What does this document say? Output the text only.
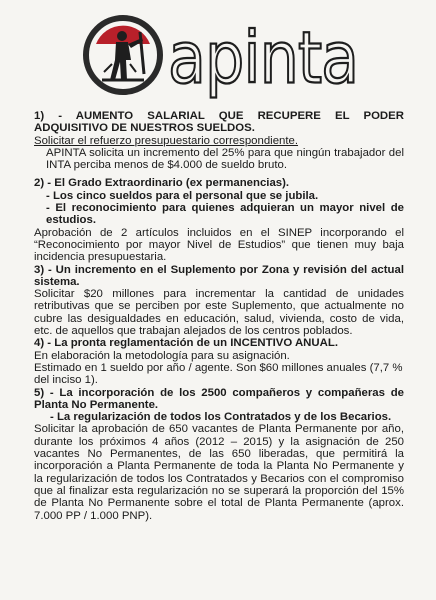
apinta

1) - AUMENTO SALARIAL QUE RECUPERE EL PODER ADQUISITIVO DE NUESTROS SUELDOS.

Solicitar el refuerzo presupuestario correspondiente.

APINTA solicita un incremento del 25% para que ningún trabajador del INTA perciba menos de $4.000 de sueldo bruto.

2) - El Grado Extraordinario (ex permanencias).

- Los cinco sueldos para el personal que se jubila.

- El reconocimiento para quienes adquieran un mayor nivel de estudios.

Aprobación de 2 artículos incluidos en el SINEP incorporando el “Reconocimiento por mayor Nivel de Estudios” que tienen muy baja incidencia presupuestaria.

3) - Un incremento en el Suplemento por Zona y revisión del actual sistema.

Solicitar $20 millones para incrementar la cantidad de unidades retributivas que se perciben por este Suplemento, que actualmente no cubre las desigualdades en educación, salud, vivienda, costo de vida, etc. de aquellos que trabajan alejados de los centros poblados.

4) - La pronta reglamentación de un INCENTIVO ANUAL.

En elaboración la metodología para su asignación.

Estimado en 1 sueldo por año / agente. Son $60 millones anuales (7,7 % del inciso 1).

5) - La incorporación de los 2500 compañeros y compañeras de Planta No Permanente.

- La regularización de todos los Contratados y de los Becarios.

Solicitar la aprobación de 650 vacantes de Planta Permanente por año, durante los próximos 4 años (2012 – 2015) y la asignación de 250 vacantes No Permanentes, de las 650 liberadas, que permitirá la incorporación a Planta Permanente de toda la Planta No Permanente y la regularización de todos los Contratados y Becarios con el compromiso que al finalizar esta regularización no se superará la proporción del 15% de Planta No Permanente sobre el total de Planta Permanente (aprox. 7.000 PP / 1.000 PNP).
